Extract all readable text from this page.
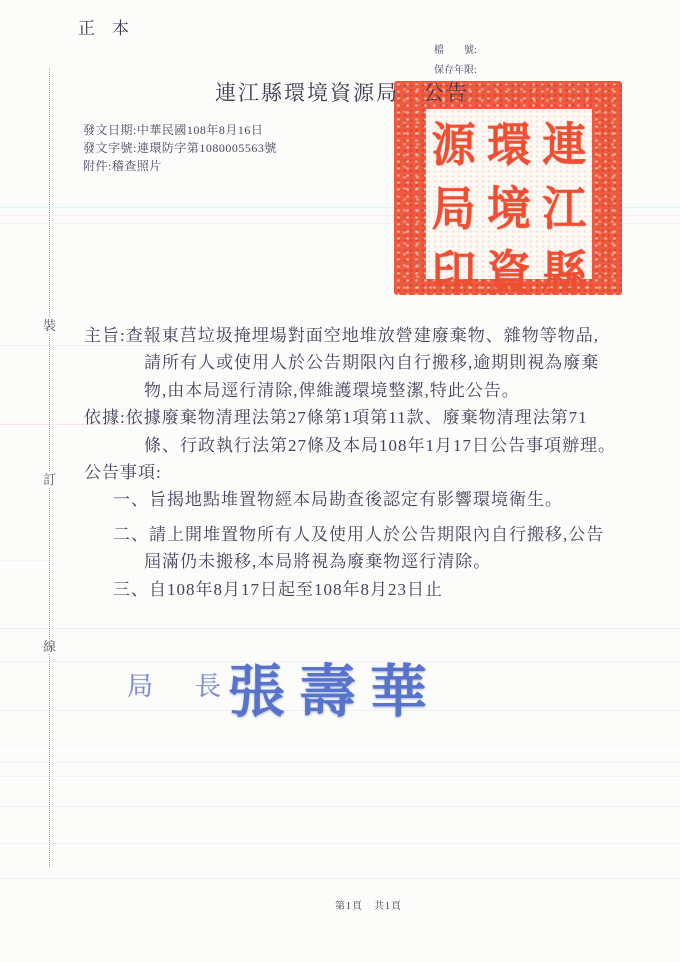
裝
訂
線
正　本
檔　　號:
保存年限:
連江縣環境資源局 公告
發文日期:中華民國108年8月16日
發文字號:連環防字第1080005563號
附件:稽查照片	源 環 連
局 境 江
印 資 縣
主旨:查報東莒垃圾掩埋場對面空地堆放營建廢棄物、雜物等物品,
請所有人或使用人於公告期限內自行搬移,逾期則視為廢棄
物,由本局逕行清除,俾維護環境整潔,特此公告。
依據:依據廢棄物清理法第27條第1項第11款、廢棄物清理法第71
條、行政執行法第27條及本局108年1月17日公告事項辦理。
公告事項:
一、旨揭地點堆置物經本局勘查後認定有影響環境衛生。
二、請上開堆置物所有人及使用人於公告期限內自行搬移,公告
屆滿仍未搬移,本局將視為廢棄物逕行清除。
三、自108年8月17日起至108年8月23日止
局長
張壽華
第1頁　共1頁
